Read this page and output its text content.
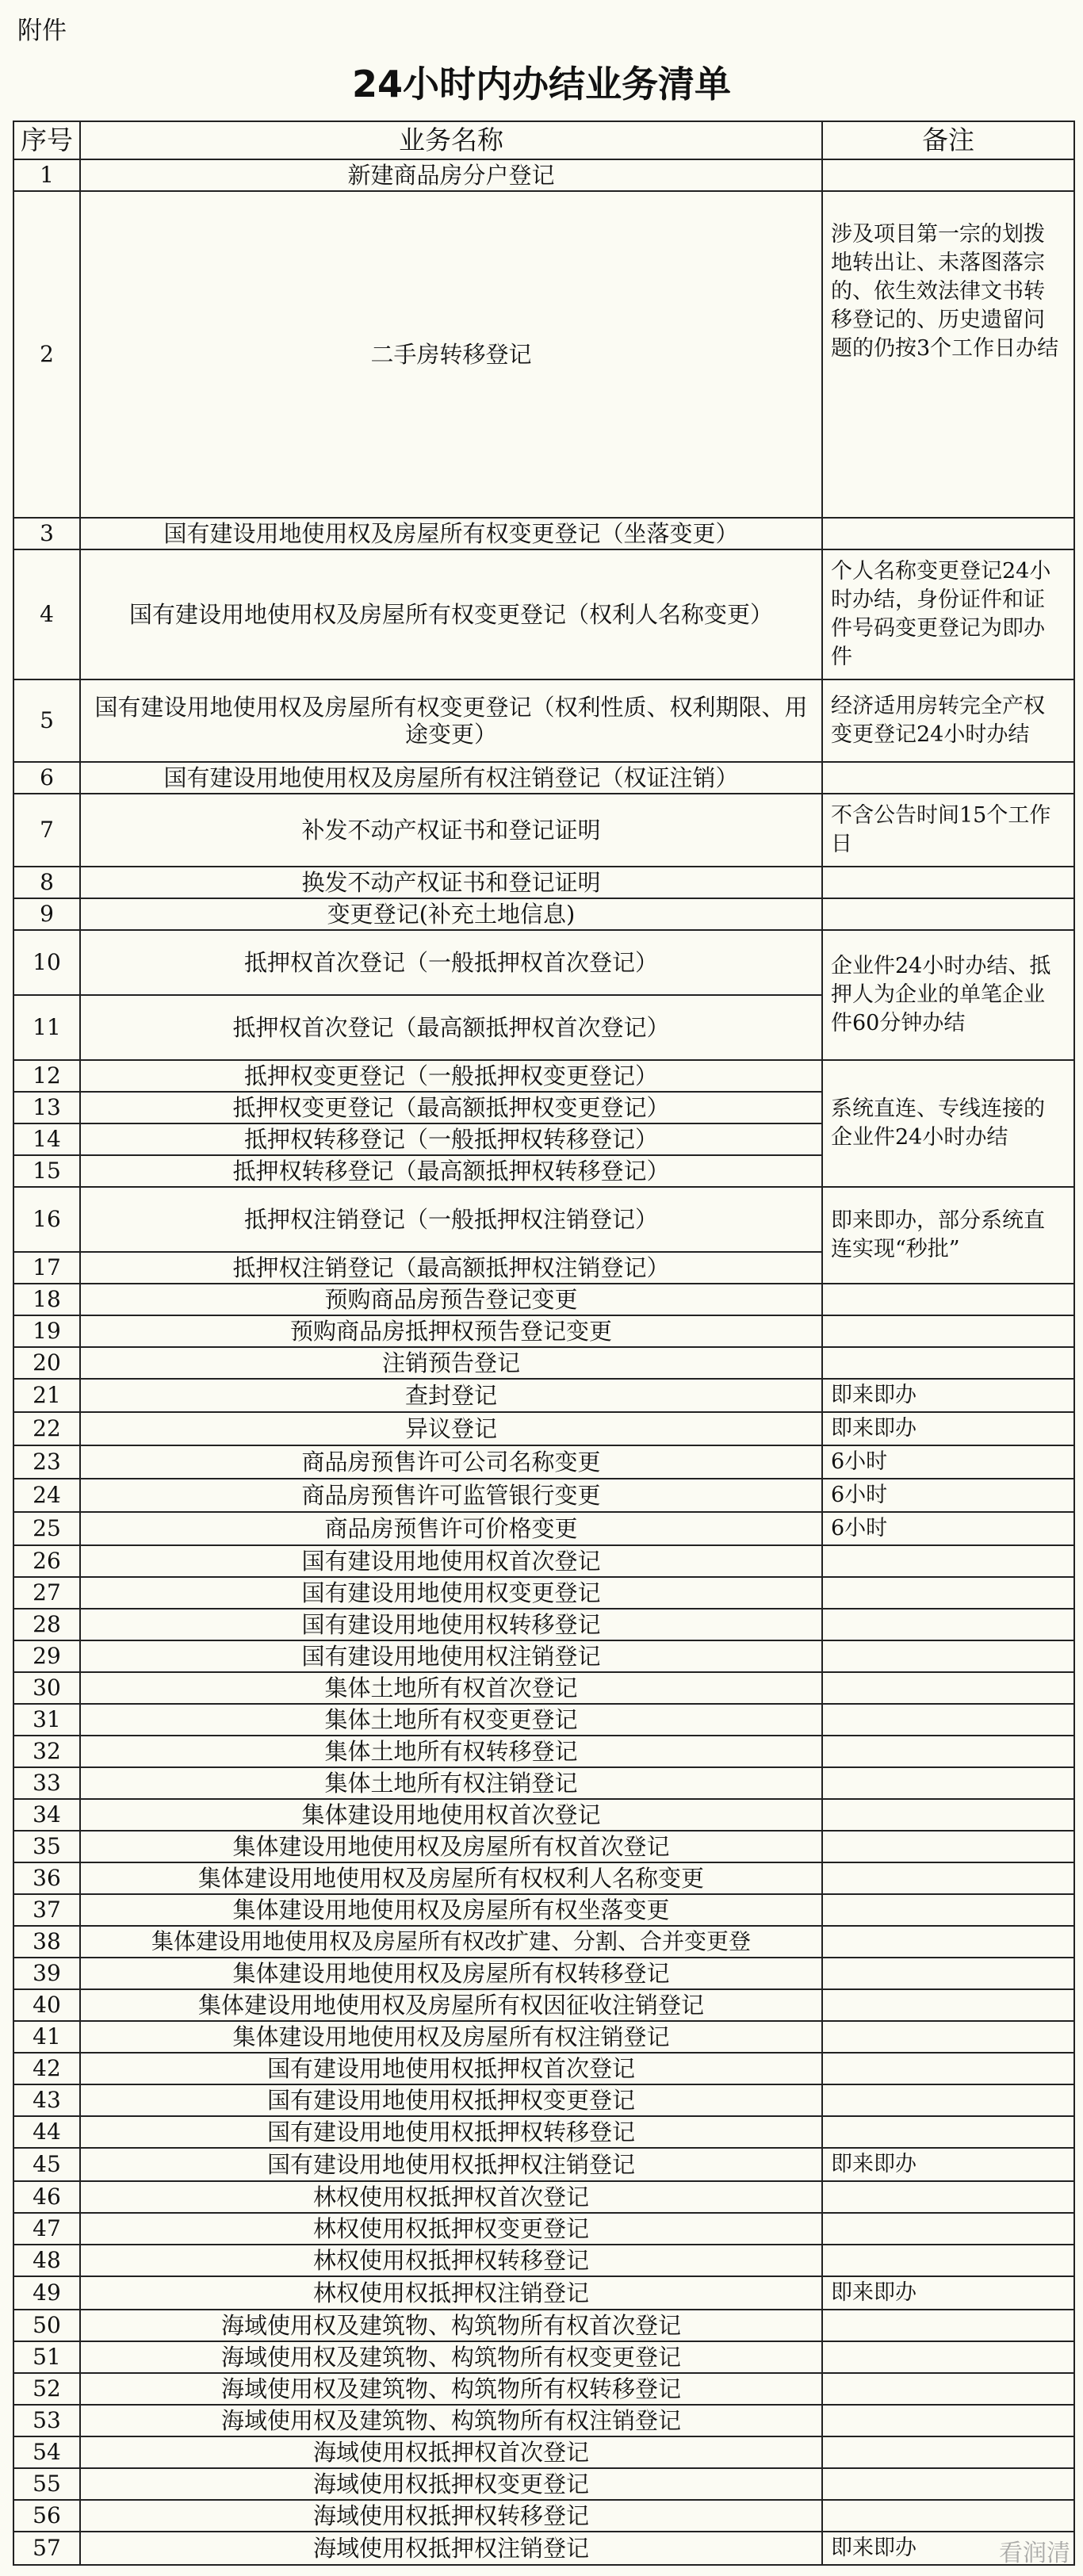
附件
24小时内办结业务清单
序号	业务名称	备注
1	新建商品房分户登记	
2	二手房转移登记	涉及项目第一宗的划拨地转出让、未落图落宗的、依生效法律文书转移登记的、历史遗留问题的仍按3个工作日办结
3	国有建设用地使用权及房屋所有权变更登记（坐落变更）	
4	国有建设用地使用权及房屋所有权变更登记（权利人名称变更）	个人名称变更登记24小时办结，身份证件和证件号码变更登记为即办件
5	国有建设用地使用权及房屋所有权变更登记（权利性质、权利期限、用途变更）	经济适用房转完全产权变更登记24小时办结
6	国有建设用地使用权及房屋所有权注销登记（权证注销）	
7	补发不动产权证书和登记证明	不含公告时间15个工作日
8	换发不动产权证书和登记证明	
9	变更登记(补充土地信息)	
10	抵押权首次登记（一般抵押权首次登记）	企业件24小时办结、抵押人为企业的单笔企业件60分钟办结
11	抵押权首次登记（最高额抵押权首次登记）	
12	抵押权变更登记（一般抵押权变更登记）	系统直连、专线连接的企业件24小时办结
13	抵押权变更登记（最高额抵押权变更登记）	
14	抵押权转移登记（一般抵押权转移登记）	
15	抵押权转移登记（最高额抵押权转移登记）	
16	抵押权注销登记（一般抵押权注销登记）	即来即办，部分系统直连实现“秒批”
17	抵押权注销登记（最高额抵押权注销登记）	
18	预购商品房预告登记变更	
19	预购商品房抵押权预告登记变更	
20	注销预告登记	
21	查封登记	即来即办
22	异议登记	即来即办
23	商品房预售许可公司名称变更	6小时
24	商品房预售许可监管银行变更	6小时
25	商品房预售许可价格变更	6小时
26	国有建设用地使用权首次登记	
27	国有建设用地使用权变更登记	
28	国有建设用地使用权转移登记	
29	国有建设用地使用权注销登记	
30	集体土地所有权首次登记	
31	集体土地所有权变更登记	
32	集体土地所有权转移登记	
33	集体土地所有权注销登记	
34	集体建设用地使用权首次登记	
35	集体建设用地使用权及房屋所有权首次登记	
36	集体建设用地使用权及房屋所有权权利人名称变更	
37	集体建设用地使用权及房屋所有权坐落变更	
38	集体建设用地使用权及房屋所有权改扩建、分割、合并变更登	
39	集体建设用地使用权及房屋所有权转移登记	
40	集体建设用地使用权及房屋所有权因征收注销登记	
41	集体建设用地使用权及房屋所有权注销登记	
42	国有建设用地使用权抵押权首次登记	
43	国有建设用地使用权抵押权变更登记	
44	国有建设用地使用权抵押权转移登记	
45	国有建设用地使用权抵押权注销登记	即来即办
46	林权使用权抵押权首次登记	
47	林权使用权抵押权变更登记	
48	林权使用权抵押权转移登记	
49	林权使用权抵押权注销登记	即来即办
50	海域使用权及建筑物、构筑物所有权首次登记	
51	海域使用权及建筑物、构筑物所有权变更登记	
52	海域使用权及建筑物、构筑物所有权转移登记	
53	海域使用权及建筑物、构筑物所有权注销登记	
54	海域使用权抵押权首次登记	
55	海域使用权抵押权变更登记	
56	海域使用权抵押权转移登记	
57	海域使用权抵押权注销登记	即来即办	看润清
